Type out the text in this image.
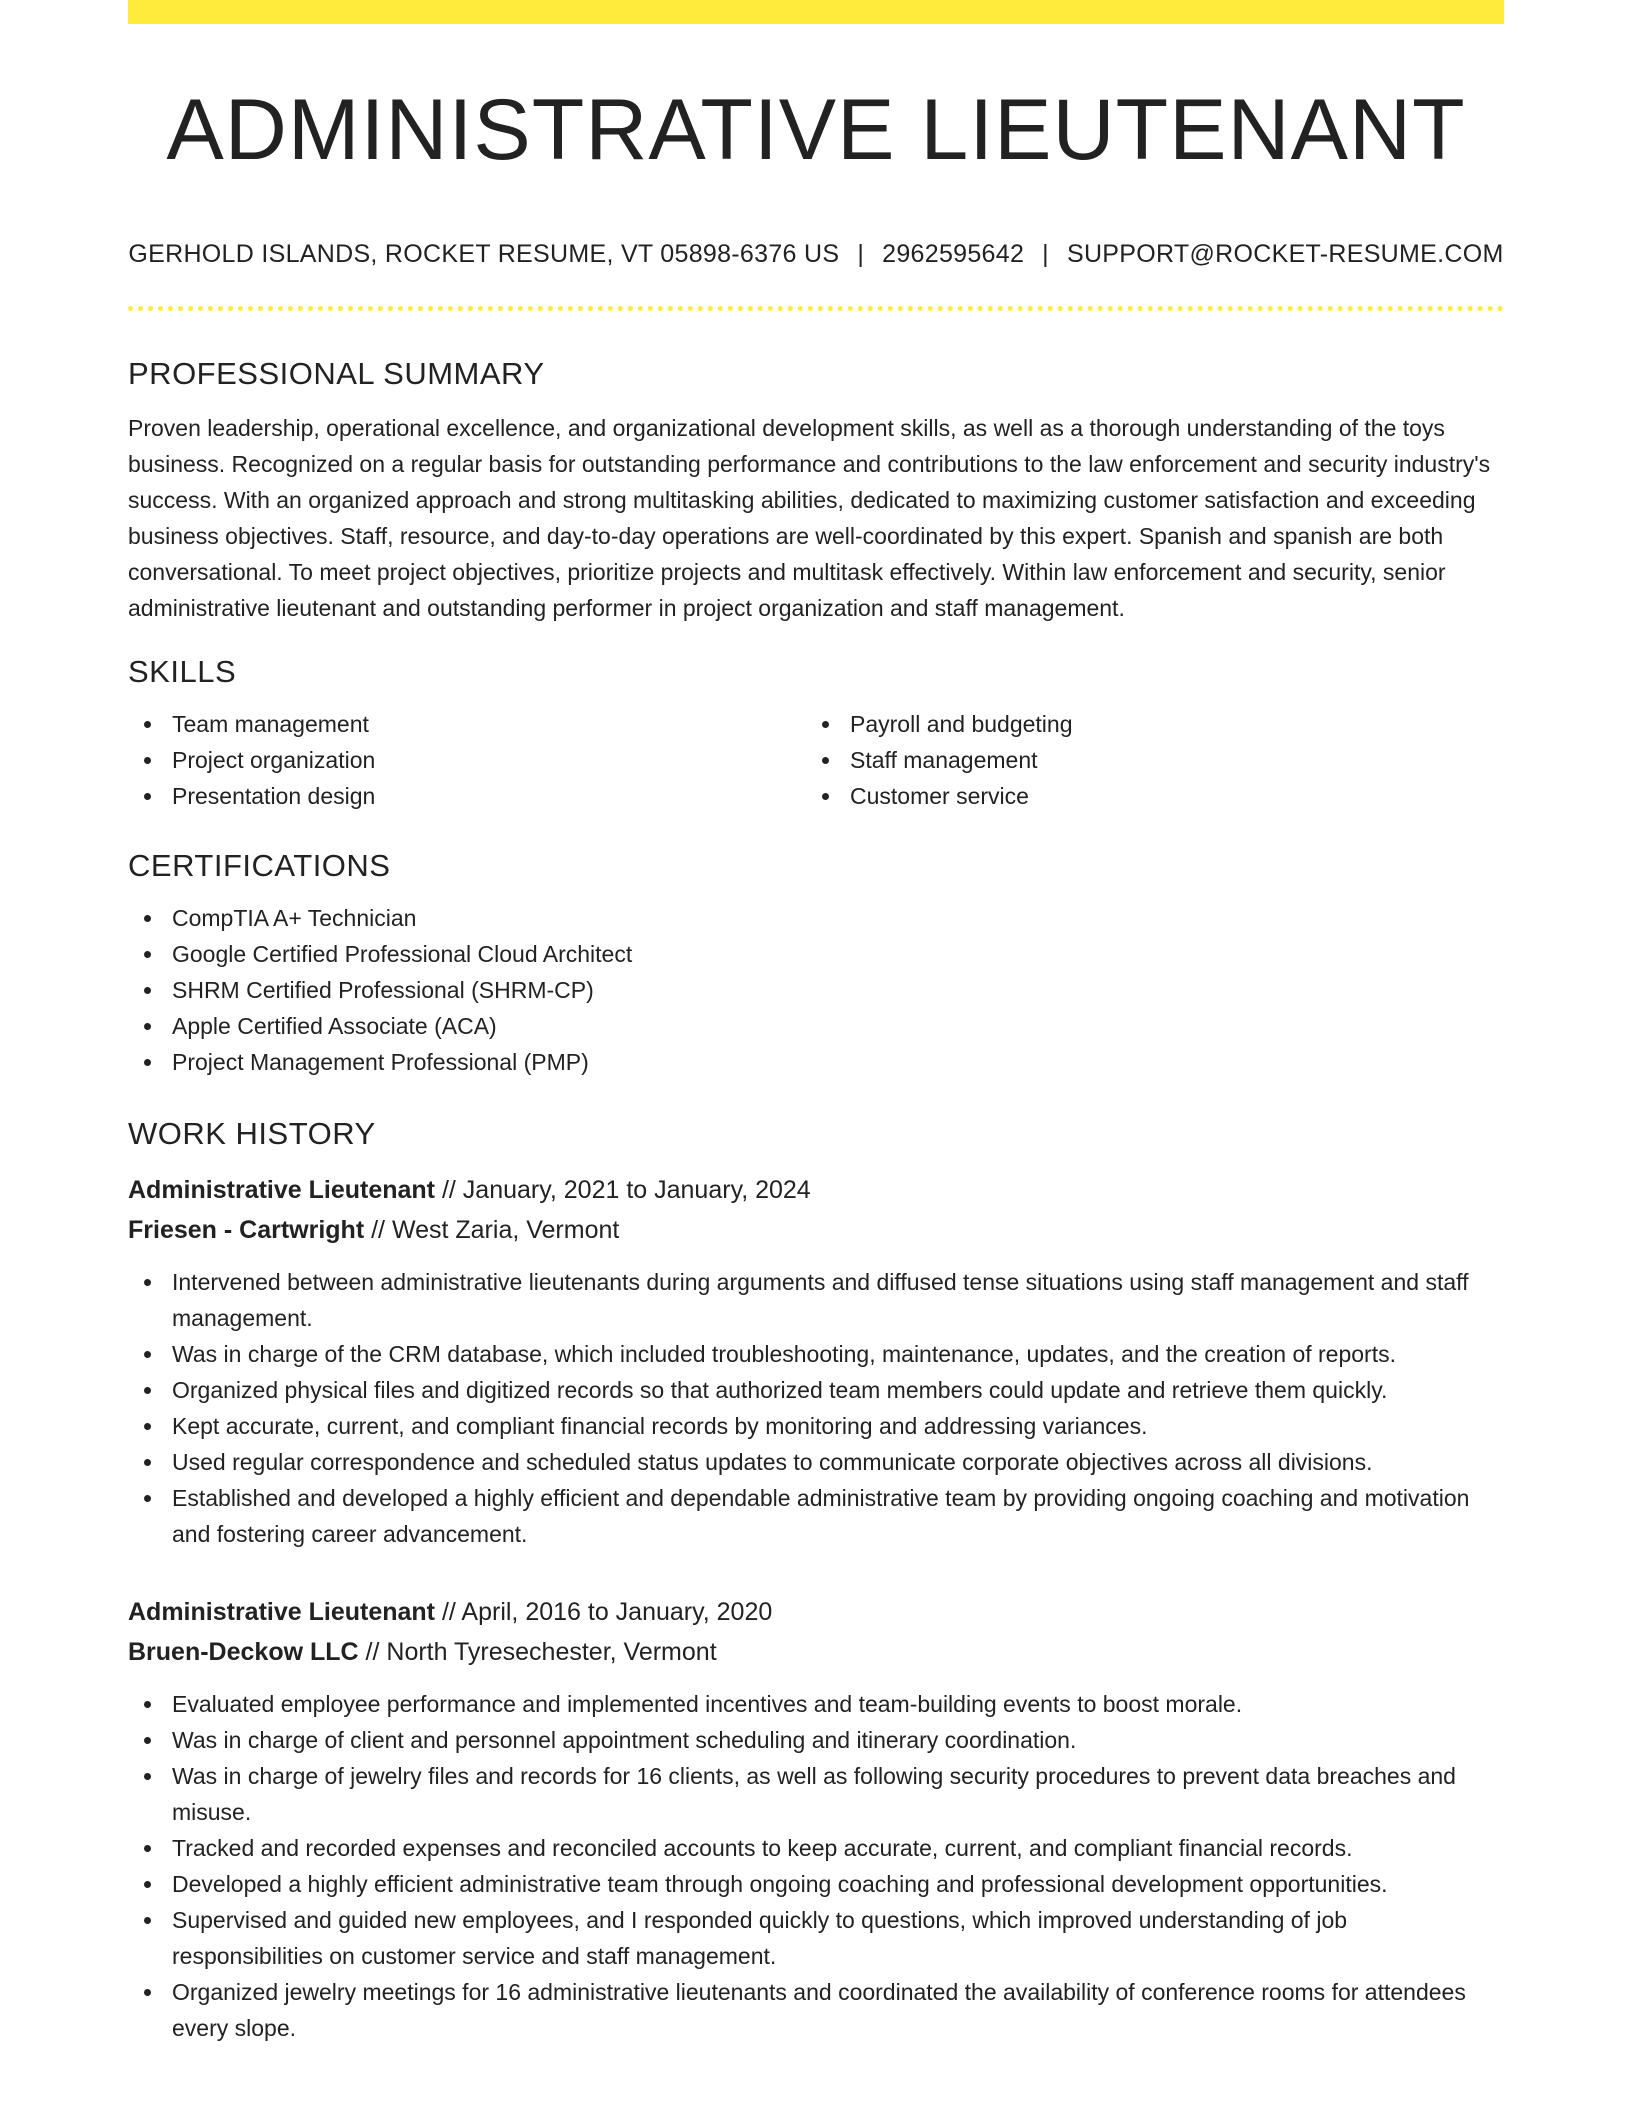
ADMINISTRATIVE LIEUTENANT
GERHOLD ISLANDS, ROCKET RESUME, VT 05898-6376 US | 2962595642 | SUPPORT@ROCKET-RESUME.COM
PROFESSIONAL SUMMARY

Proven leadership, operational excellence, and organizational development skills, as well as a thorough understanding of the toys business. Recognized on a regular basis for outstanding performance and contributions to the law enforcement and security industry's success. With an organized approach and strong multitasking abilities, dedicated to maximizing customer satisfaction and exceeding business objectives. Staff, resource, and day-to-day operations are well-coordinated by this expert. Spanish and spanish are both conversational. To meet project objectives, prioritize projects and multitask effectively. Within law enforcement and security, senior administrative lieutenant and outstanding performer in project organization and staff management.

SKILLS
Team management
Project organization
Presentation design
Payroll and budgeting
Staff management
Customer service
CERTIFICATIONS
CompTIA A+ Technician
Google Certified Professional Cloud Architect
SHRM Certified Professional (SHRM-CP)
Apple Certified Associate (ACA)
Project Management Professional (PMP)
WORK HISTORY
Administrative Lieutenant // January, 2021 to January, 2024
Friesen - Cartwright // West Zaria, Vermont
Intervened between administrative lieutenants during arguments and diffused tense situations using staff management and staff management.
Was in charge of the CRM database, which included troubleshooting, maintenance, updates, and the creation of reports.
Organized physical files and digitized records so that authorized team members could update and retrieve them quickly.
Kept accurate, current, and compliant financial records by monitoring and addressing variances.
Used regular correspondence and scheduled status updates to communicate corporate objectives across all divisions.
Established and developed a highly efficient and dependable administrative team by providing ongoing coaching and motivation and fostering career advancement.
Administrative Lieutenant // April, 2016 to January, 2020
Bruen-Deckow LLC // North Tyresechester, Vermont
Evaluated employee performance and implemented incentives and team-building events to boost morale.
Was in charge of client and personnel appointment scheduling and itinerary coordination.
Was in charge of jewelry files and records for 16 clients, as well as following security procedures to prevent data breaches and misuse.
Tracked and recorded expenses and reconciled accounts to keep accurate, current, and compliant financial records.
Developed a highly efficient administrative team through ongoing coaching and professional development opportunities.
Supervised and guided new employees, and I responded quickly to questions, which improved understanding of job responsibilities on customer service and staff management.
Organized jewelry meetings for 16 administrative lieutenants and coordinated the availability of conference rooms for attendees every slope.
